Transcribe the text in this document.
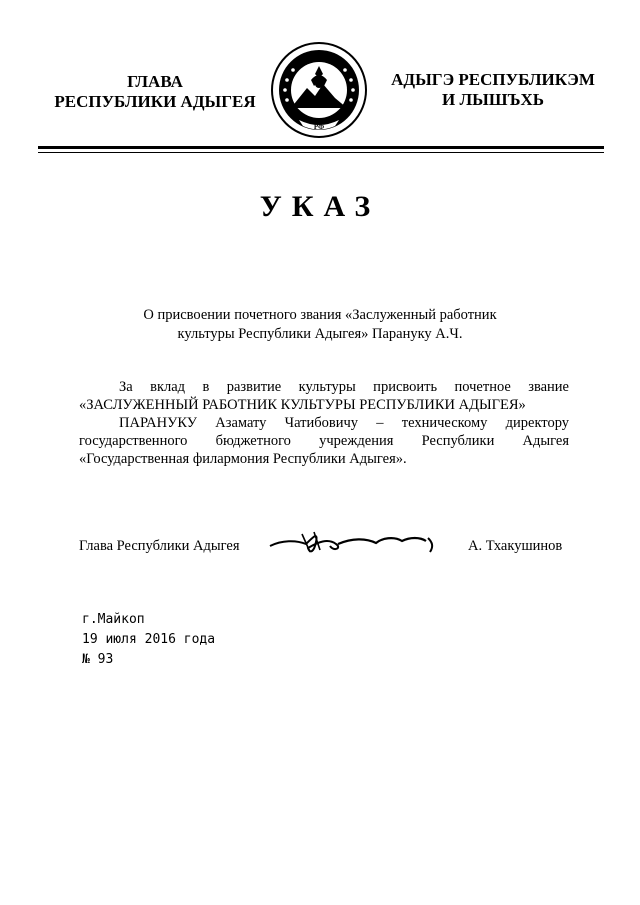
ГЛАВА
РЕСПУБЛИКИ АДЫГЕЯ
РФ
АДЫГЭ РЕСПУБЛИКЭМ
И ЛЫШЪХЬ
УКАЗ
О присвоении почетного звания «Заслуженный работник
культуры Республики Адыгея» Парануку А.Ч.

За вклад в развитие культуры присвоить почетное звание

«ЗАСЛУЖЕННЫЙ РАБОТНИК КУЛЬТУРЫ РЕСПУБЛИКИ АДЫГЕЯ»

ПАРАНУКУ Азамату Чатибовичу – техническому директору государственного бюджетного учреждения Республики Адыгея «Государственная филармония Республики Адыгея».

Глава Республики Адыгея	А. Тхакушинов
г.Майкоп
19 июля 2016 года
№ 93
